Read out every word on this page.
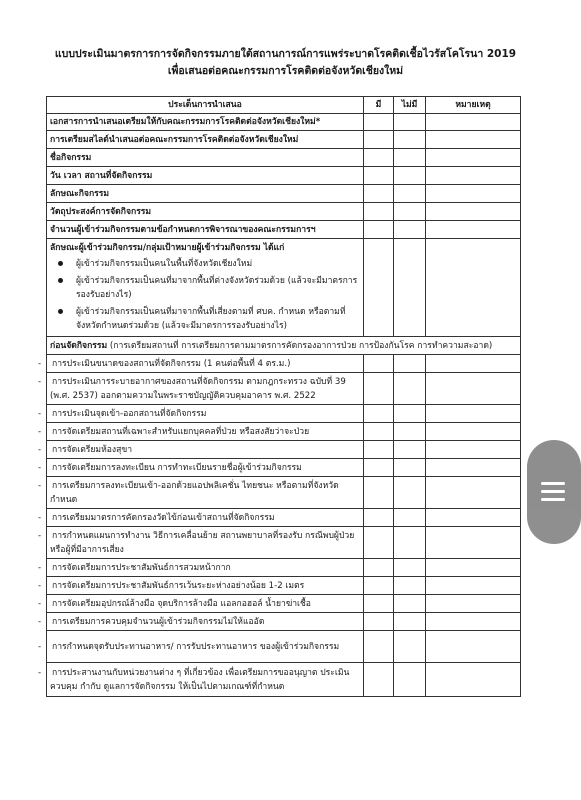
แบบประเมินมาตรการการจัดกิจกรรมภายใต้สถานการณ์การแพร่ระบาดโรคติดเชื้อไวรัสโคโรนา 2019
เพื่อเสนอต่อคณะกรรมการโรคติดต่อจังหวัดเชียงใหม่
ประเด็นการนำเสนอ	มี	ไม่มี	หมายเหตุ
เอกสารการนำเสนอเตรียมให้กับคณะกรรมการโรคติดต่อจังหวัดเชียงใหม่*			
การเตรียมสไลด์นำเสนอต่อคณะกรรมการโรคติดต่อจังหวัดเชียงใหม่			
ชื่อกิจกรรม			
วัน เวลา สถานที่จัดกิจกรรม			
ลักษณะกิจกรรม			
วัตถุประสงค์การจัดกิจกรรม			
จำนวนผู้เข้าร่วมกิจกรรมตามข้อกำหนดการพิจารณาของคณะกรรมการฯ			

ลักษณะผู้เข้าร่วมกิจกรรม/กลุ่มเป้าหมายผู้เข้าร่วมกิจกรรม ได้แก่
ผู้เข้าร่วมกิจกรรมเป็นคนในพื้นที่จังหวัดเชียงใหม่
ผู้เข้าร่วมกิจกรรมเป็นคนที่มาจากพื้นที่ต่างจังหวัดร่วมด้วย (แล้วจะมีมาตรการรองรับอย่างไร)
ผู้เข้าร่วมกิจกรรมเป็นคนที่มาจากพื้นที่เสี่ยงตามที่ ศบค. กำหนด หรือตามที่จังหวัดกำหนดร่วมด้วย (แล้วจะมีมาตรการรองรับอย่างไร)			

ก่อนจัดกิจกรรม (การเตรียมสถานที่ การเตรียมการตามมาตรการคัดกรองอาการป่วย การป้องกันโรค การทำความสะอาด)			
- การประเมินขนาดของสถานที่จัดกิจกรรม (1 คนต่อพื้นที่ 4 ตร.ม.)			
- การประเมินการระบายอากาศของสถานที่จัดกิจกรรม ตามกฎกระทรวง ฉบับที่ 39 (พ.ศ. 2537) ออกตามความในพระราชบัญญัติควบคุมอาคาร พ.ศ. 2522			
- การประเมินจุดเข้า-ออกสถานที่จัดกิจกรรม			
- การจัดเตรียมสถานที่เฉพาะสำหรับแยกบุคคลที่ป่วย หรือสงสัยว่าจะป่วย			
- การจัดเตรียมห้องสุขา			
- การจัดเตรียมการลงทะเบียน การทำทะเบียนรายชื่อผู้เข้าร่วมกิจกรรม			
- การเตรียมการลงทะเบียนเข้า-ออกด้วยแอปพลิเคชั่น ไทยชนะ หรือตามที่จังหวัดกำหนด			
- การเตรียมมาตรการคัดกรองวัดไข้ก่อนเข้าสถานที่จัดกิจกรรม			
- การกำหนดแผนการทำงาน วิธีการเคลื่อนย้าย สถานพยาบาลที่รองรับ กรณีพบผู้ป่วยหรือผู้ที่มีอาการเสี่ยง			
- การจัดเตรียมการประชาสัมพันธ์การสวมหน้ากาก			
- การจัดเตรียมการประชาสัมพันธ์การเว้นระยะห่างอย่างน้อย 1-2 เมตร			
- การจัดเตรียมอุปกรณ์ล้างมือ จุดบริการล้างมือ แอลกอฮอล์ น้ำยาฆ่าเชื้อ			
- การเตรียมการควบคุมจำนวนผู้เข้าร่วมกิจกรรมไม่ให้แออัด			
- การกำหนดจุดรับประทานอาหาร/ การรับประทานอาหาร ของผู้เข้าร่วมกิจกรรม			
- การประสานงานกับหน่วยงานต่าง ๆ ที่เกี่ยวข้อง เพื่อเตรียมการขออนุญาต ประเมิน ควบคุม กำกับ ดูแลการจัดกิจกรรม ให้เป็นไปตามเกณฑ์ที่กำหนด			
